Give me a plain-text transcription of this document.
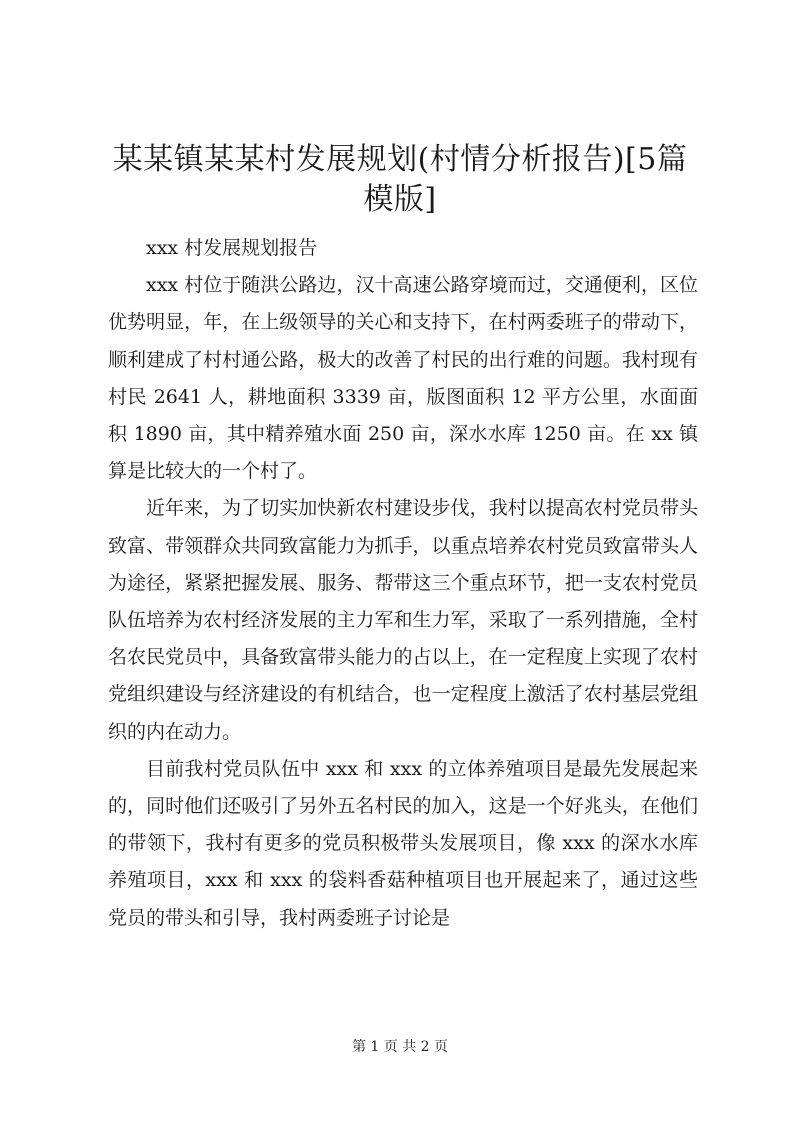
某某镇某某村发展规划(村情分析报告)[5篇模版]

xxx 村发展规划报告

xxx 村位于随洪公路边，汉十高速公路穿境而过，交通便利，区位优势明显，年，在上级领导的关心和支持下，在村两委班子的带动下，顺利建成了村村通公路，极大的改善了村民的出行难的问题。我村现有村民 2641 人，耕地面积 3339 亩，版图面积 12 平方公里，水面面积 1890 亩，其中精养殖水面 250 亩，深水水库 1250 亩。在 xx 镇算是比较大的一个村了。

近年来，为了切实加快新农村建设步伐，我村以提高农村党员带头致富、带领群众共同致富能力为抓手，以重点培养农村党员致富带头人为途径，紧紧把握发展、服务、帮带这三个重点环节，把一支农村党员队伍培养为农村经济发展的主力军和生力军，采取了一系列措施，全村名农民党员中，具备致富带头能力的占以上，在一定程度上实现了农村党组织建设与经济建设的有机结合，也一定程度上激活了农村基层党组织的内在动力。

目前我村党员队伍中 xxx 和 xxx 的立体养殖项目是最先发展起来的，同时他们还吸引了另外五名村民的加入，这是一个好兆头，在他们的带领下，我村有更多的党员积极带头发展项目，像 xxx 的深水水库养殖项目，xxx 和 xxx 的袋料香菇种植项目也开展起来了，通过这些党员的带头和引导，我村两委班子讨论是

第 1 页 共 2 页
